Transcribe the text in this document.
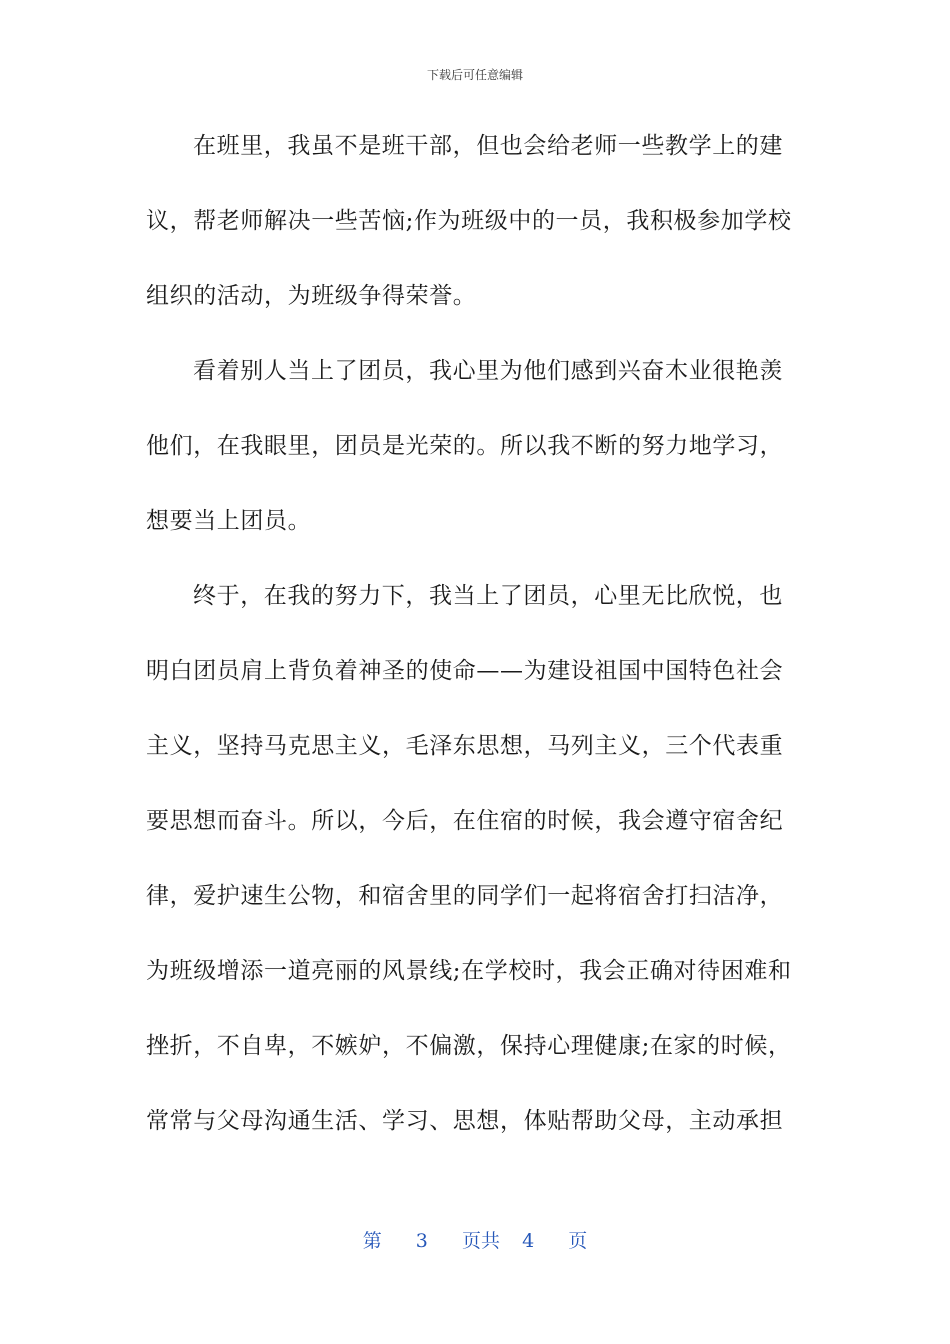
下载后可任意编辑
在班里，我虽不是班干部，但也会给老师一些教学上的建
议，帮老师解决一些苦恼;作为班级中的一员，我积极参加学校
组织的活动，为班级争得荣誉。
看着别人当上了团员，我心里为他们感到兴奋木业很艳羡
他们，在我眼里，团员是光荣的。所以我不断的努力地学习，
想要当上团员。
终于，在我的努力下，我当上了团员，心里无比欣悦，也
明白团员肩上背负着神圣的使命——为建设祖国中国特色社会
主义，坚持马克思主义，毛泽东思想，马列主义，三个代表重
要思想而奋斗。所以，今后，在住宿的时候，我会遵守宿舍纪
律，爱护速生公物，和宿舍里的同学们一起将宿舍打扫洁净，
为班级增添一道亮丽的风景线;在学校时，我会正确对待困难和
挫折，不自卑，不嫉妒，不偏激，保持心理健康;在家的时候，
常常与父母沟通生活、学习、思想，体贴帮助父母，主动承担
第 3 页共 4 页
